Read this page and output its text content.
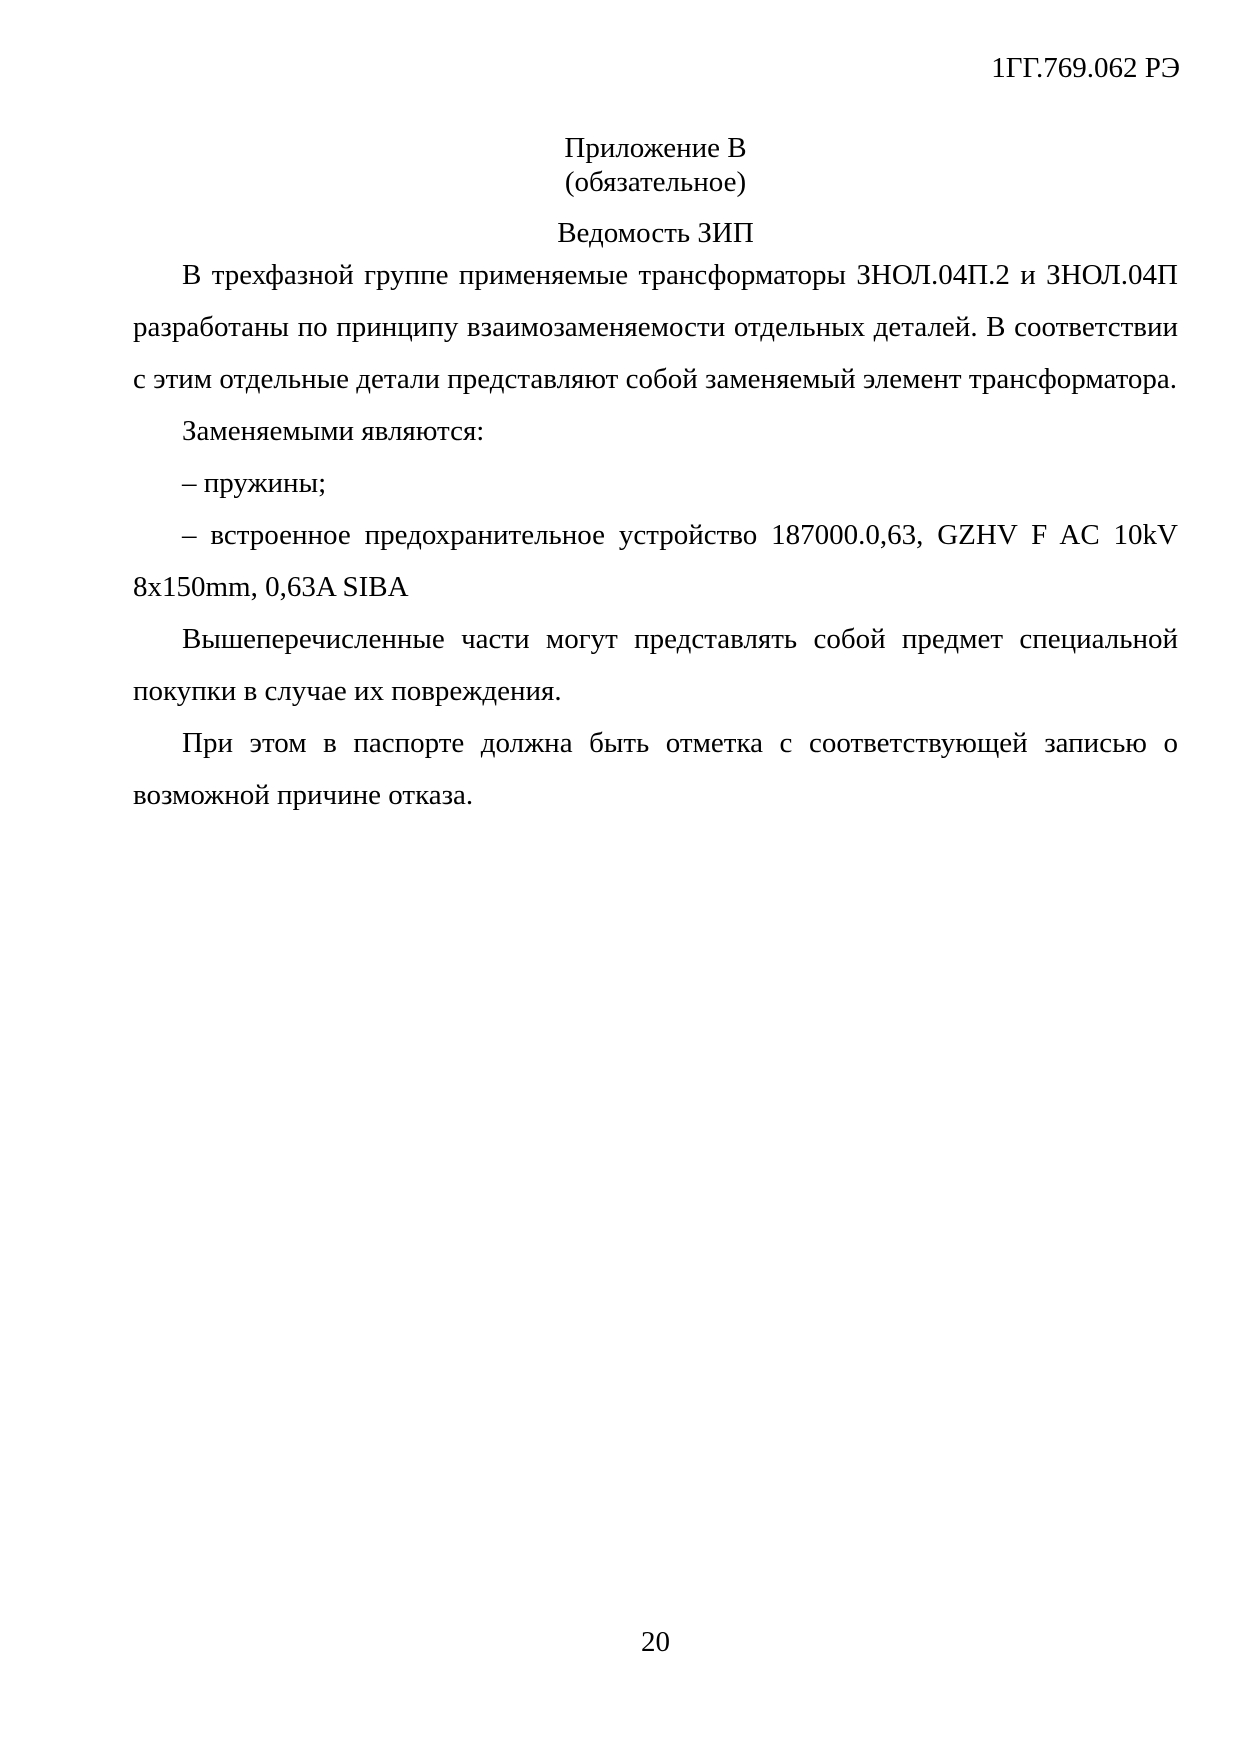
1ГГ.769.062 РЭ
Приложение В
(обязательное)
Ведомость ЗИП

В трехфазной группе применяемые трансформаторы ЗНОЛ.04П.2 и ЗНОЛ.04П разработаны по принципу взаимозаменяемости отдельных деталей. В соответствии с этим отдельные детали представляют собой заменяемый элемент трансформатора.

Заменяемыми являются:

– пружины;

– встроенное предохранительное устройство 187000.0,63, GZHV F AC 10kV 8x150mm, 0,63A SIBA

Вышеперечисленные части могут представлять собой предмет специальной покупки в случае их повреждения.

При этом в паспорте должна быть отметка с соответствующей записью о возможной причине отказа.

20
